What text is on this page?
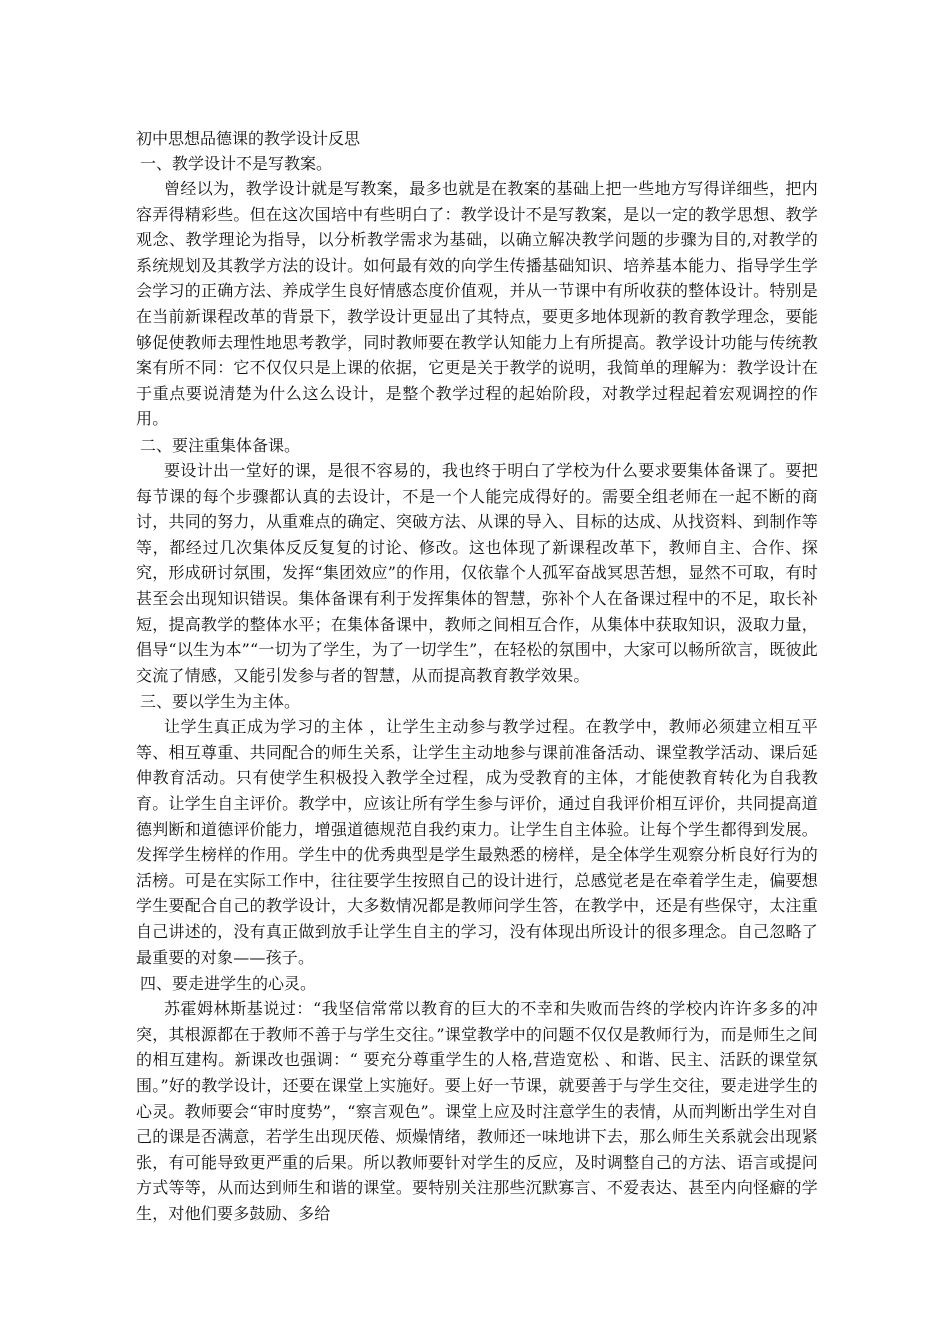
初中思想品德课的教学设计反思
一、教学设计不是写教案。

曾经以为，教学设计就是写教案，最多也就是在教案的基础上把一些地方写得详细些，把内容弄得精彩些。但在这次国培中有些明白了：教学设计不是写教案，是以一定的教学思想、教学观念、教学理论为指导，以分析教学需求为基础，以确立解决教学问题的步骤为目的,对教学的系统规划及其教学方法的设计。如何最有效的向学生传播基础知识、培养基本能力、指导学生学会学习的正确方法、养成学生良好情感态度价值观，并从一节课中有所收获的整体设计。特别是在当前新课程改革的背景下，教学设计更显出了其特点，要更多地体现新的教育教学理念，要能够促使教师去理性地思考教学，同时教师要在教学认知能力上有所提高。教学设计功能与传统教案有所不同：它不仅仅只是上课的依据，它更是关于教学的说明，我简单的理解为：教学设计在于重点要说清楚为什么这么设计，是整个教学过程的起始阶段，对教学过程起着宏观调控的作用。

二、要注重集体备课。

要设计出一堂好的课，是很不容易的，我也终于明白了学校为什么要求要集体备课了。要把每节课的每个步骤都认真的去设计，不是一个人能完成得好的。需要全组老师在一起不断的商讨，共同的努力，从重难点的确定、突破方法、从课的导入、目标的达成、从找资料、到制作等等，都经过几次集体反反复复的讨论、修改。这也体现了新课程改革下，教师自主、合作、探究，形成研讨氛围，发挥“集团效应”的作用，仅依靠个人孤军奋战冥思苦想，显然不可取，有时甚至会出现知识错误。集体备课有利于发挥集体的智慧，弥补个人在备课过程中的不足，取长补短，提高教学的整体水平；在集体备课中，教师之间相互合作，从集体中获取知识，汲取力量，倡导“以生为本”“一切为了学生，为了一切学生”，在轻松的氛围中，大家可以畅所欲言，既彼此交流了情感，又能引发参与者的智慧，从而提高教育教学效果。

三、要以学生为主体。

让学生真正成为学习的主体 ，让学生主动参与教学过程。在教学中，教师必须建立相互平等、相互尊重、共同配合的师生关系，让学生主动地参与课前准备活动、课堂教学活动、课后延伸教育活动。只有使学生积极投入教学全过程，成为受教育的主体，才能使教育转化为自我教育。让学生自主评价。教学中，应该让所有学生参与评价，通过自我评价相互评价，共同提高道德判断和道德评价能力，增强道德规范自我约束力。让学生自主体验。让每个学生都得到发展。发挥学生榜样的作用。学生中的优秀典型是学生最熟悉的榜样，是全体学生观察分析良好行为的活榜。可是在实际工作中，往往要学生按照自己的设计进行，总感觉老是在牵着学生走，偏要想学生要配合自己的教学设计，大多数情况都是教师问学生答，在教学中，还是有些保守，太注重自己讲述的，没有真正做到放手让学生自主的学习，没有体现出所设计的很多理念。自己忽略了最重要的对象——孩子。

四、要走进学生的心灵。

苏霍姆林斯基说过：“我坚信常常以教育的巨大的不幸和失败而告终的学校内许许多多的冲突，其根源都在于教师不善于与学生交往。”课堂教学中的问题不仅仅是教师行为，而是师生之间的相互建构。新课改也强调：“ 要充分尊重学生的人格,营造宽松 、和谐、民主、活跃的课堂氛围。”好的教学设计，还要在课堂上实施好。要上好一节课，就要善于与学生交往，要走进学生的心灵。教师要会“审时度势”，“察言观色”。课堂上应及时注意学生的表情，从而判断出学生对自己的课是否满意，若学生出现厌倦、烦燥情绪，教师还一味地讲下去，那么师生关系就会出现紧张，有可能导致更严重的后果。所以教师要针对学生的反应，及时调整自己的方法、语言或提问方式等等，从而达到师生和谐的课堂。要特别关注那些沉默寡言、不爱表达、甚至内向怪癖的学生，对他们要多鼓励、多给
